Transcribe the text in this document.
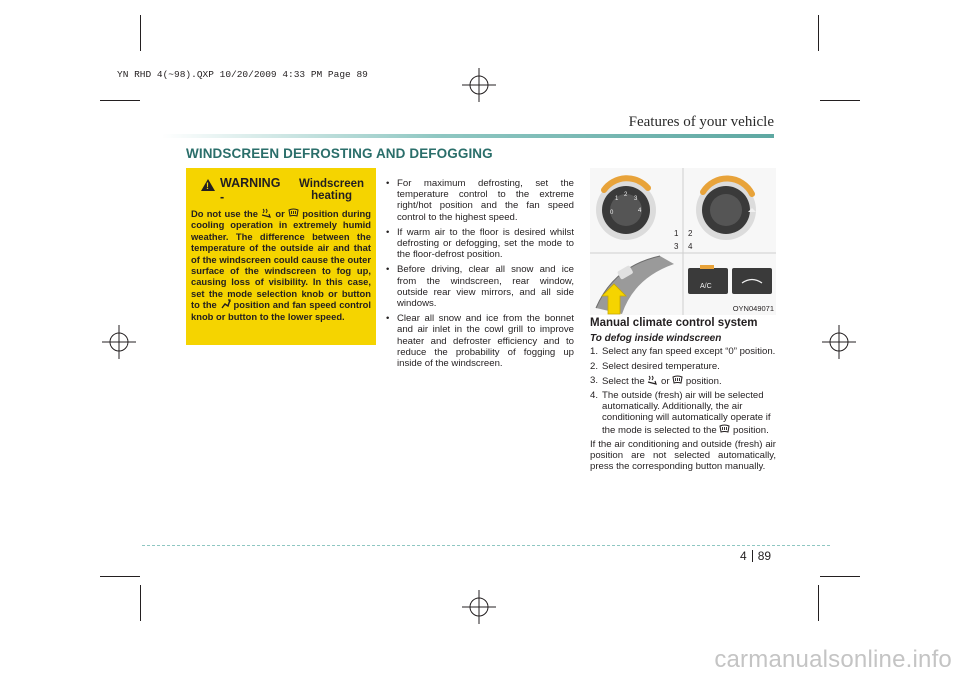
YN RHD 4(~98).QXP 10/20/2009 4:33 PM Page 89
Features of your vehicle
WINDSCREEN DEFROSTING AND DEFOGGING
!
WARNING -
Windscreen heating
Do not use the or position during cooling operation in extremely humid weather. The difference between the temperature of the outside air and that of the windscreen could cause the outer surface of the windscreen to fog up, causing loss of visibility. In this case, set the mode selection knob or button to the position and fan speed control knob or button to the lower speed.
• For maximum defrosting, set the temperature control to the extreme right/hot position and the fan speed control to the highest speed.
• If warm air to the floor is desired whilst defrosting or defogging, set the mode to the floor-defrost position.
• Before driving, clear all snow and ice from the windscreen, rear window, outside rear view mirrors, and all side windows.
• Clear all snow and ice from the bonnet and air inlet in the cowl grill to improve heater and defroster efficiency and to reduce the probability of fogging up inside of the windscreen.
0
1
2
3
4
1 2
3
A/C
4
OYN049071
Manual climate control system
To defog inside windscreen
1. Select any fan speed except “0” position.
2. Select desired temperature.
3. Select the or position.
4. The outside (fresh) air will be selected automatically. Additionally, the air conditioning will automatically operate if the mode is selected to the position.

If the air conditioning and outside (fresh) air position are not selected automatically, press the corresponding button manually.

4 89
carmanualsonline.info
